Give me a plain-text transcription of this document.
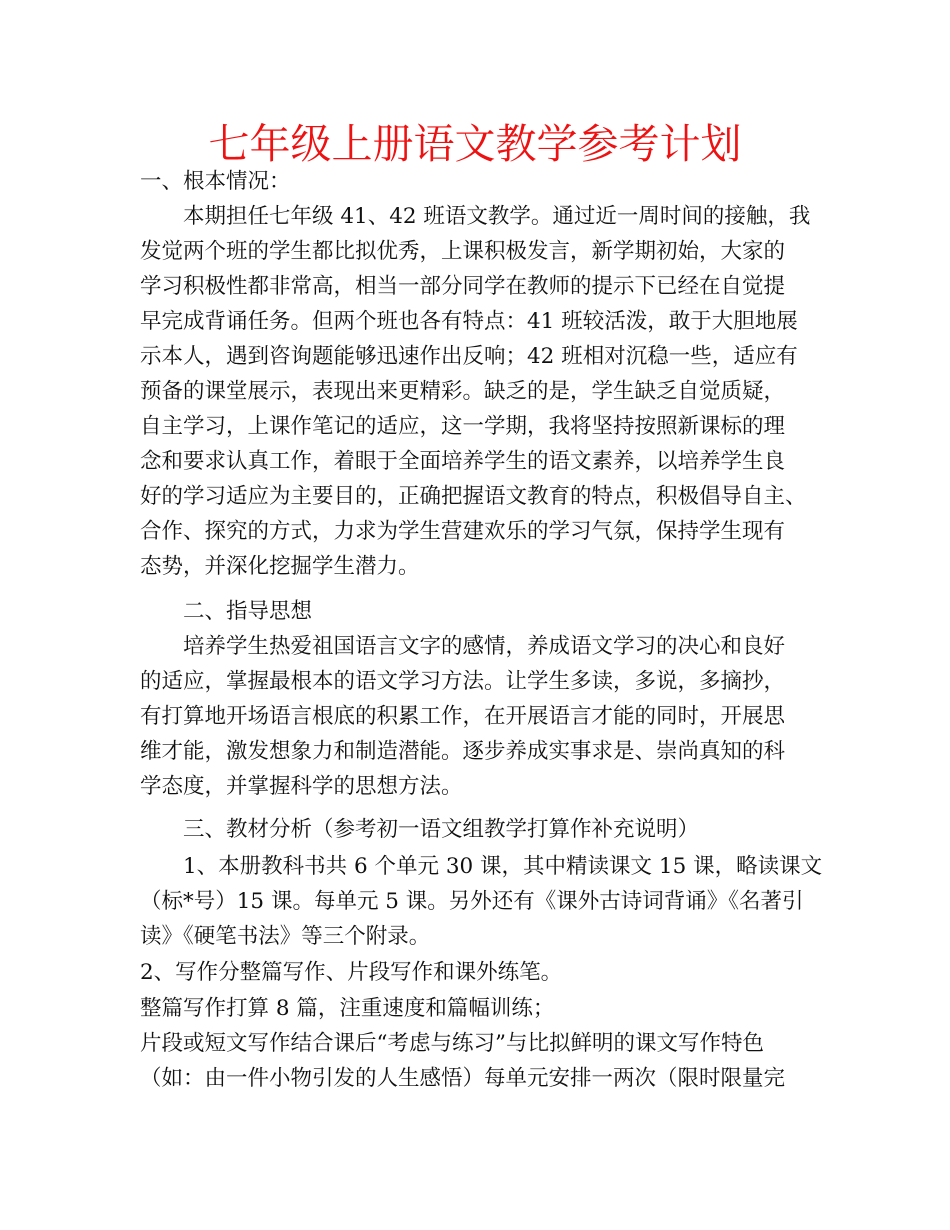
七年级上册语文教学参考计划
一、根本情况：
本期担任七年级 41、42 班语文教学。通过近一周时间的接触，我
发觉两个班的学生都比拟优秀，上课积极发言，新学期初始，大家的
学习积极性都非常高，相当一部分同学在教师的提示下已经在自觉提
早完成背诵任务。但两个班也各有特点：41 班较活泼，敢于大胆地展
示本人，遇到咨询题能够迅速作出反响；42 班相对沉稳一些，适应有
预备的课堂展示，表现出来更精彩。缺乏的是，学生缺乏自觉质疑，
自主学习，上课作笔记的适应，这一学期，我将坚持按照新课标的理
念和要求认真工作，着眼于全面培养学生的语文素养，以培养学生良
好的学习适应为主要目的，正确把握语文教育的特点，积极倡导自主、
合作、探究的方式，力求为学生营建欢乐的学习气氛，保持学生现有
态势，并深化挖掘学生潜力。
二、指导思想
培养学生热爱祖国语言文字的感情，养成语文学习的决心和良好
的适应，掌握最根本的语文学习方法。让学生多读，多说，多摘抄，
有打算地开场语言根底的积累工作，在开展语言才能的同时，开展思
维才能，激发想象力和制造潜能。逐步养成实事求是、崇尚真知的科
学态度，并掌握科学的思想方法。
三、教材分析（参考初一语文组教学打算作补充说明）
1、本册教科书共 6 个单元 30 课，其中精读课文 15 课，略读课文
（标*号）15 课。每单元 5 课。另外还有《课外古诗词背诵》《名著引
读》《硬笔书法》等三个附录。
2、写作分整篇写作、片段写作和课外练笔。
整篇写作打算 8 篇，注重速度和篇幅训练；
片段或短文写作结合课后“考虑与练习”与比拟鲜明的课文写作特色
（如：由一件小物引发的人生感悟）每单元安排一两次（限时限量完
